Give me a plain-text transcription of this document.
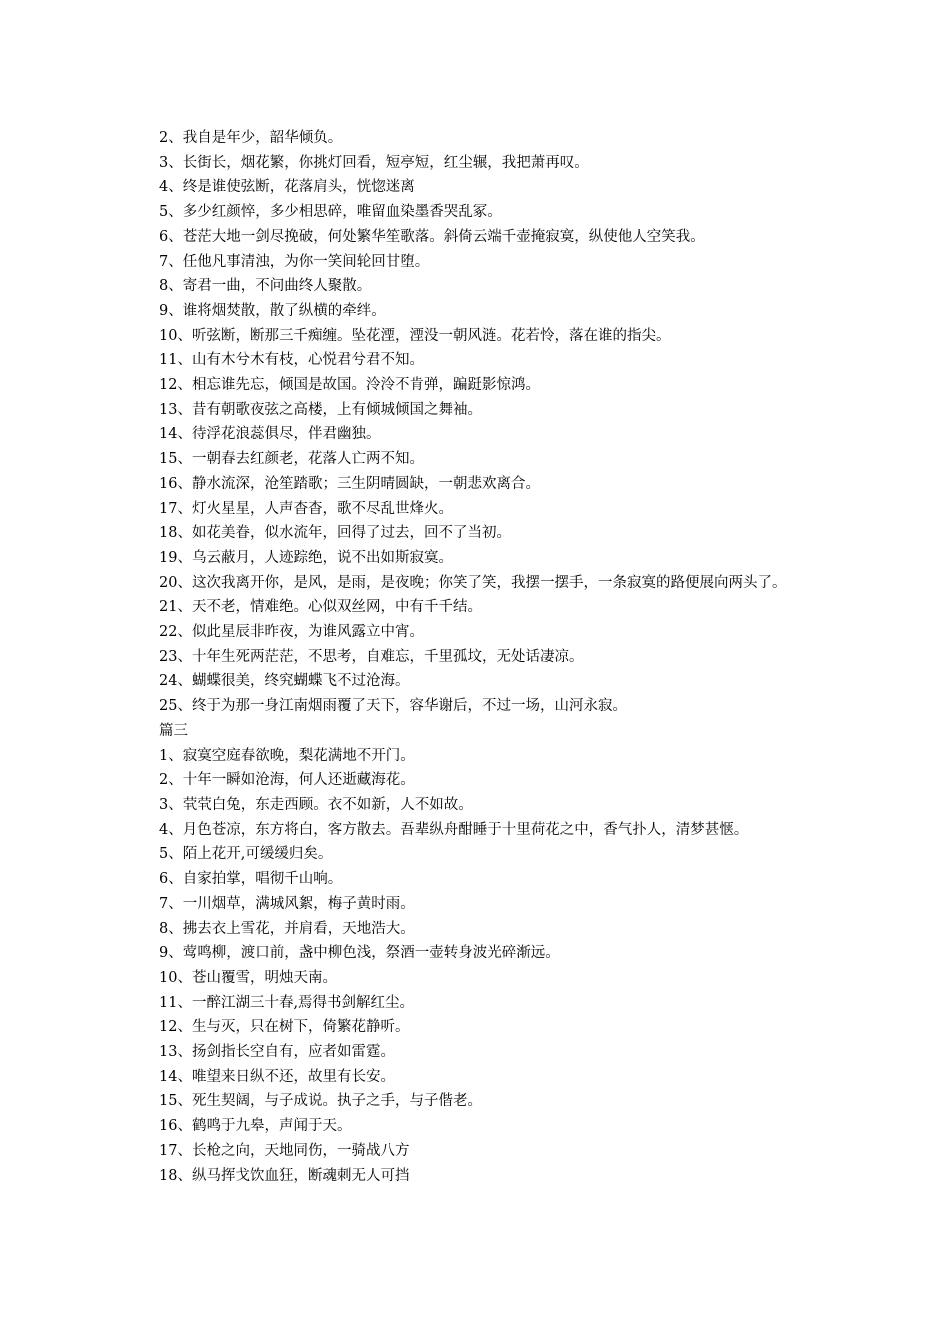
2、我自是年少，韶华倾负。

3、长街长，烟花繁，你挑灯回看，短亭短，红尘辗，我把萧再叹。

4、终是谁使弦断，花落肩头，恍惚迷离

5、多少红颜悴，多少相思碎，唯留血染墨香哭乱冢。

6、苍茫大地一剑尽挽破，何处繁华笙歌落。斜倚云端千壶掩寂寞，纵使他人空笑我。

7、任他凡事清浊，为你一笑间轮回甘堕。

8、寄君一曲，不问曲终人聚散。

9、谁将烟焚散，散了纵横的牵绊。

10、听弦断，断那三千痴缠。坠花湮，湮没一朝风涟。花若怜，落在谁的指尖。

11、山有木兮木有枝，心悦君兮君不知。

12、相忘谁先忘，倾国是故国。泠泠不肯弹，蹁跹影惊鸿。

13、昔有朝歌夜弦之高楼，上有倾城倾国之舞袖。

14、待浮花浪蕊俱尽，伴君幽独。

15、一朝春去红颜老，花落人亡两不知。

16、静水流深，沧笙踏歌；三生阴晴圆缺，一朝悲欢离合。

17、灯火星星，人声杳杳，歌不尽乱世烽火。

18、如花美眷，似水流年，回得了过去，回不了当初。

19、乌云蔽月，人迹踪绝，说不出如斯寂寞。

20、这次我离开你，是风，是雨，是夜晚；你笑了笑，我摆一摆手，一条寂寞的路便展向两头了。

21、天不老，情难绝。心似双丝网，中有千千结。

22、似此星辰非昨夜，为谁风露立中宵。

23、十年生死两茫茫，不思考，自难忘，千里孤坟，无处话凄凉。

24、蝴蝶很美，终究蝴蝶飞不过沧海。

25、终于为那一身江南烟雨覆了天下，容华谢后，不过一场，山河永寂。

篇三

1、寂寞空庭春欲晚，梨花满地不开门。

2、十年一瞬如沧海，何人还逝藏海花。

3、茕茕白兔，东走西顾。衣不如新，人不如故。

4、月色苍凉，东方将白，客方散去。吾辈纵舟酣睡于十里荷花之中，香气扑人，清梦甚惬。

5、陌上花开,可缓缓归矣。

6、自家拍掌，唱彻千山响。

7、一川烟草，满城风絮，梅子黄时雨。

8、拂去衣上雪花，并肩看，天地浩大。

9、莺鸣柳，渡口前，盏中柳色浅，祭酒一壶转身波光碎渐远。

10、苍山覆雪，明烛天南。

11、一醉江湖三十春,焉得书剑解红尘。

12、生与灭，只在树下，倚繁花静听。

13、扬剑指长空自有，应者如雷霆。

14、唯望来日纵不还，故里有长安。

15、死生契阔，与子成说。执子之手，与子偕老。

16、鹤鸣于九皋，声闻于天。

17、长枪之向，天地同伤，一骑战八方

18、纵马挥戈饮血狂，断魂刺无人可挡
